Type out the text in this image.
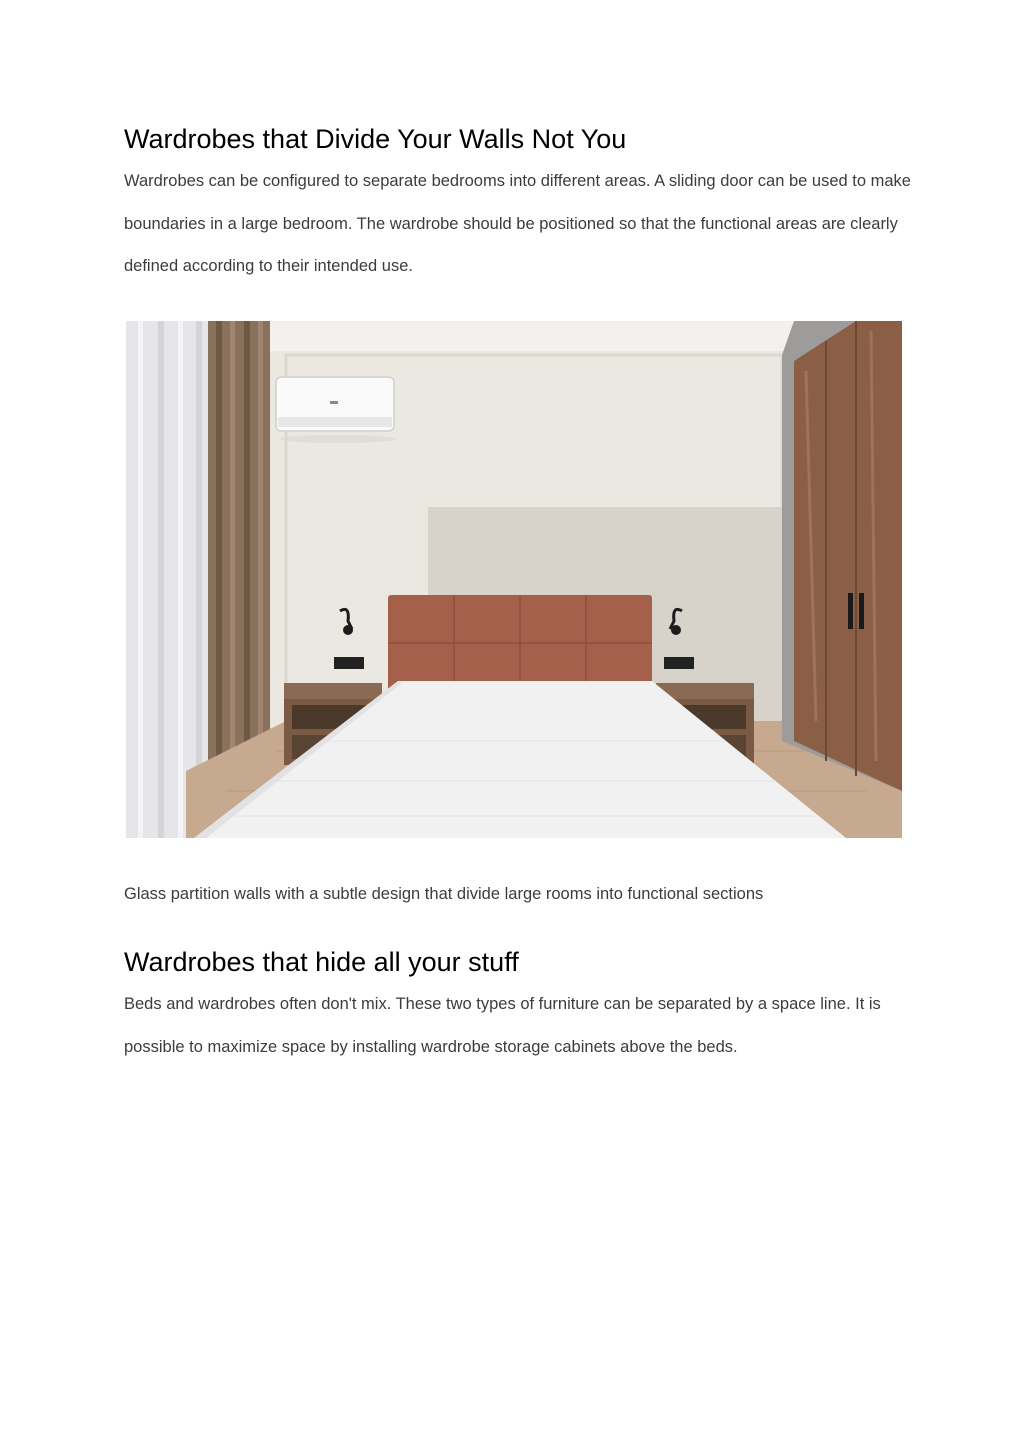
Wardrobes that Divide Your Walls Not You

Wardrobes can be configured to separate bedrooms into different areas. A sliding door can be used to make boundaries in a large bedroom. The wardrobe should be positioned so that the functional areas are clearly defined according to their intended use.

Glass partition walls with a subtle design that divide large rooms into functional sections

Wardrobes that hide all your stuff

Beds and wardrobes often don't mix. These two types of furniture can be separated by a space line. It is possible to maximize space by installing wardrobe storage cabinets above the beds.
